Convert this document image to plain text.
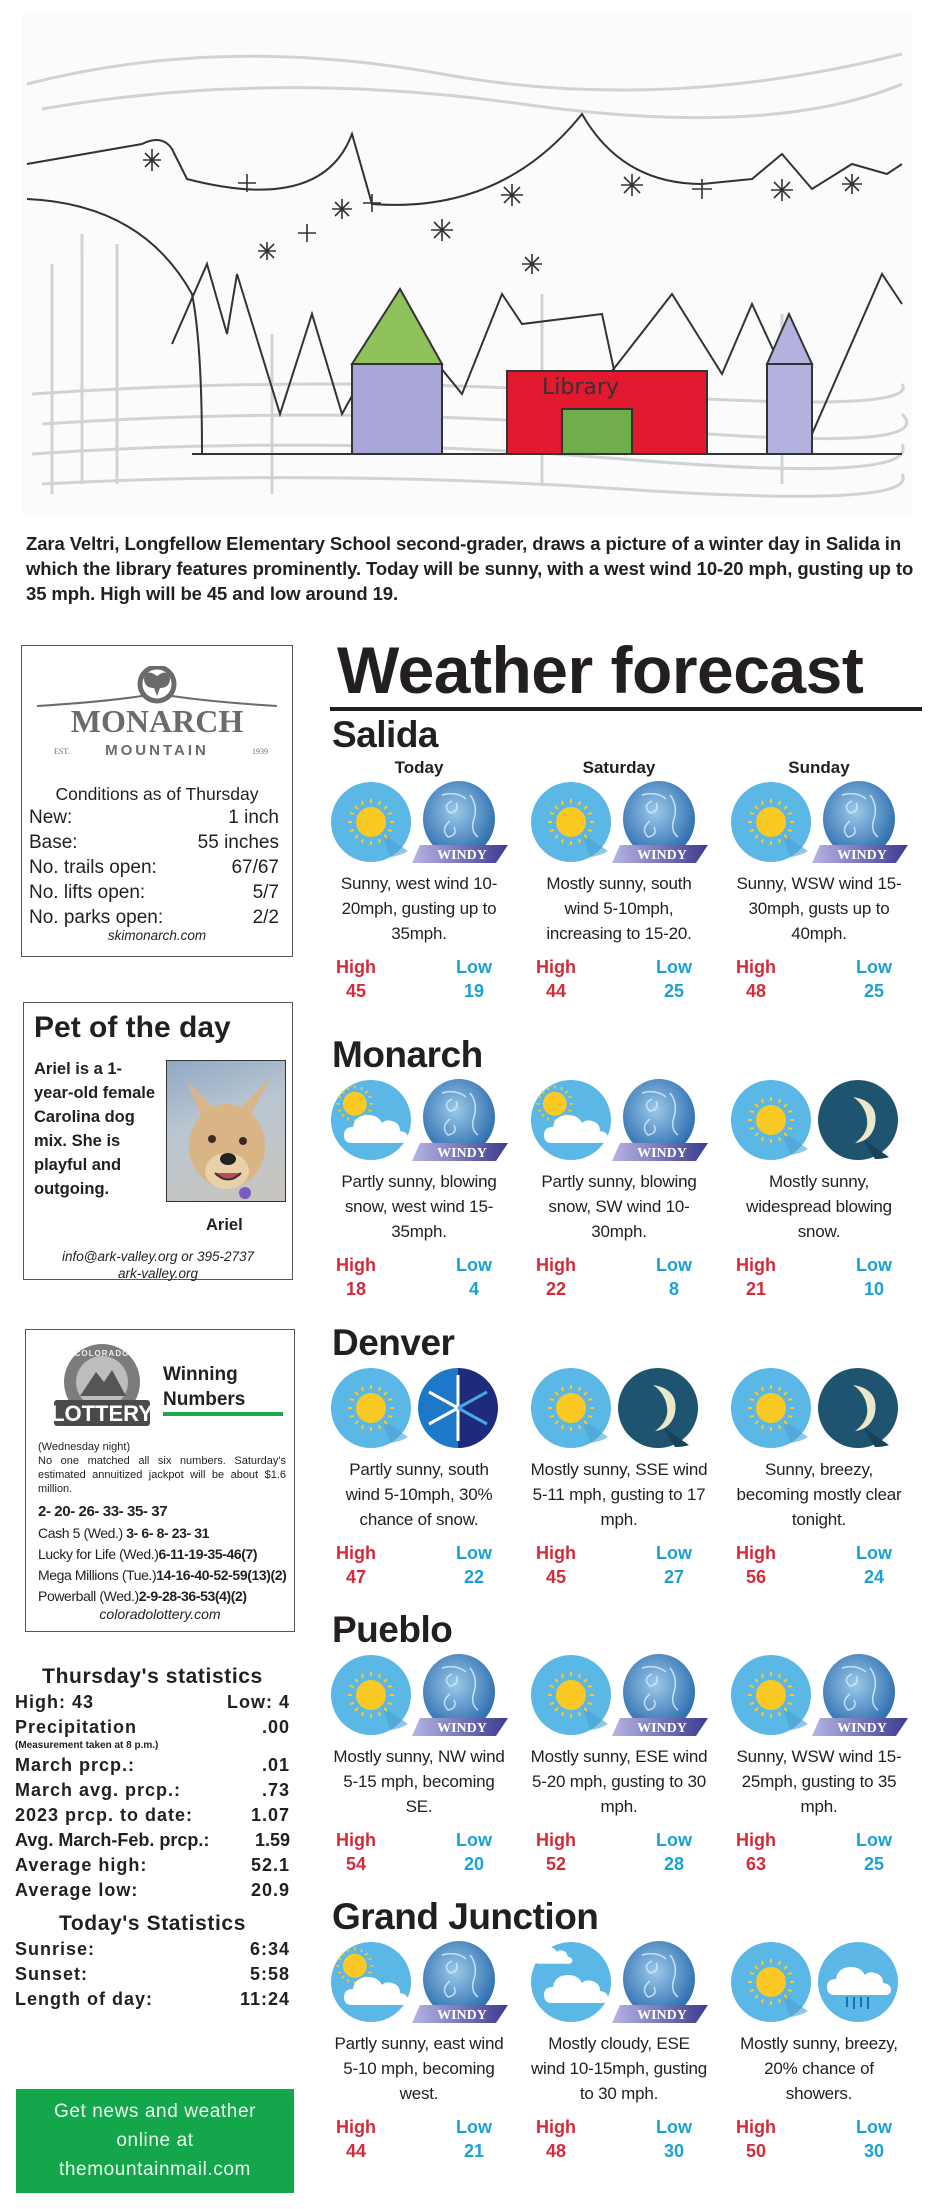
Library

Zara Veltri, Longfellow Elementary School second-grader, draws a picture of a winter day in Salida in which the library features prominently. Today will be sunny, with a west wind 10-20 mph, gusting up to 35 mph. High will be 45 and low around 19.

MONARCH
EST. MOUNTAIN	1939
Conditions as of Thursday
New:	1 inch
Base:	55 inches
No. trails open:	67/67
No. lifts open:	5/7
No. parks open:	2/2
skimonarch.com
Pet of the day
Ariel is a 1-year-old female Carolina dog mix. She is playful and outgoing.
Ariel
info@ark-valley.org or 395-2737
ark-valley.org
COLORADO
LOTTERY
Winning
Numbers
(Wednesday night)
No one matched all six numbers. Saturday's estimated annuitized jackpot will be about $1.6 million.
2- 20- 26- 33- 35- 37
Cash 5 (Wed.) 3- 6- 8- 23- 31
Lucky for Life (Wed.)6-11-19-35-46(7)
Mega Millions (Tue.)14-16-40-52-59(13)(2)
Powerball (Wed.)2-9-28-36-53(4)(2)
coloradolottery.com
Thursday's statistics
High: 43	Low: 4
Precipitation	.00
(Measurement taken at 8 p.m.)
March prcp.:	.01
March avg. prcp.:	.73
2023 prcp. to date:	1.07
Avg. March-Feb. prcp.:	1.59
Average high:	52.1
Average low:	20.9
Today's Statistics
Sunrise:	6:34
Sunset:	5:58
Length of day:	11:24
Get news and weather
online at
themountainmail.com
Weather forecast
Salida
Today	Saturday	Sunday
WINDY
Sunny, west wind 10-20mph, gusting up to 35mph.
High
45
Low
19
WINDY
Mostly sunny, south wind 5-10mph, increasing to 15-20.
High
44
Low
25
WINDY
Sunny, WSW wind 15-30mph, gusts up to 40mph.
High
48
Low
25
Monarch
WINDY
Partly sunny, blowing snow, west wind 15-35mph.
High
18
Low
4
WINDY
Partly sunny, blowing snow, SW wind 10-30mph.
High
22
Low
8
Mostly sunny, widespread blowing snow.
High
21
Low
10
Denver
Partly sunny, south wind 5-10mph, 30% chance of snow.
High
47
Low
22
Mostly sunny, SSE wind 5-11 mph, gusting to 17 mph.
High
45
Low
27
Sunny, breezy, becoming mostly clear tonight.
High
56
Low
24
Pueblo
WINDY
Mostly sunny, NW wind 5-15 mph, becoming SE.
High
54
Low
20
WINDY
Mostly sunny, ESE wind 5-20 mph, gusting to 30 mph.
High
52
Low
28
WINDY
Sunny, WSW wind 15-25mph, gusting to 35 mph.
High
63
Low
25
Grand Junction
WINDY
Partly sunny, east wind 5-10 mph, becoming west.
High
44
Low
21
WINDY
Mostly cloudy, ESE wind 10-15mph, gusting to 30 mph.
High
48
Low
30
Mostly sunny, breezy, 20% chance of showers.
High
50
Low
30
